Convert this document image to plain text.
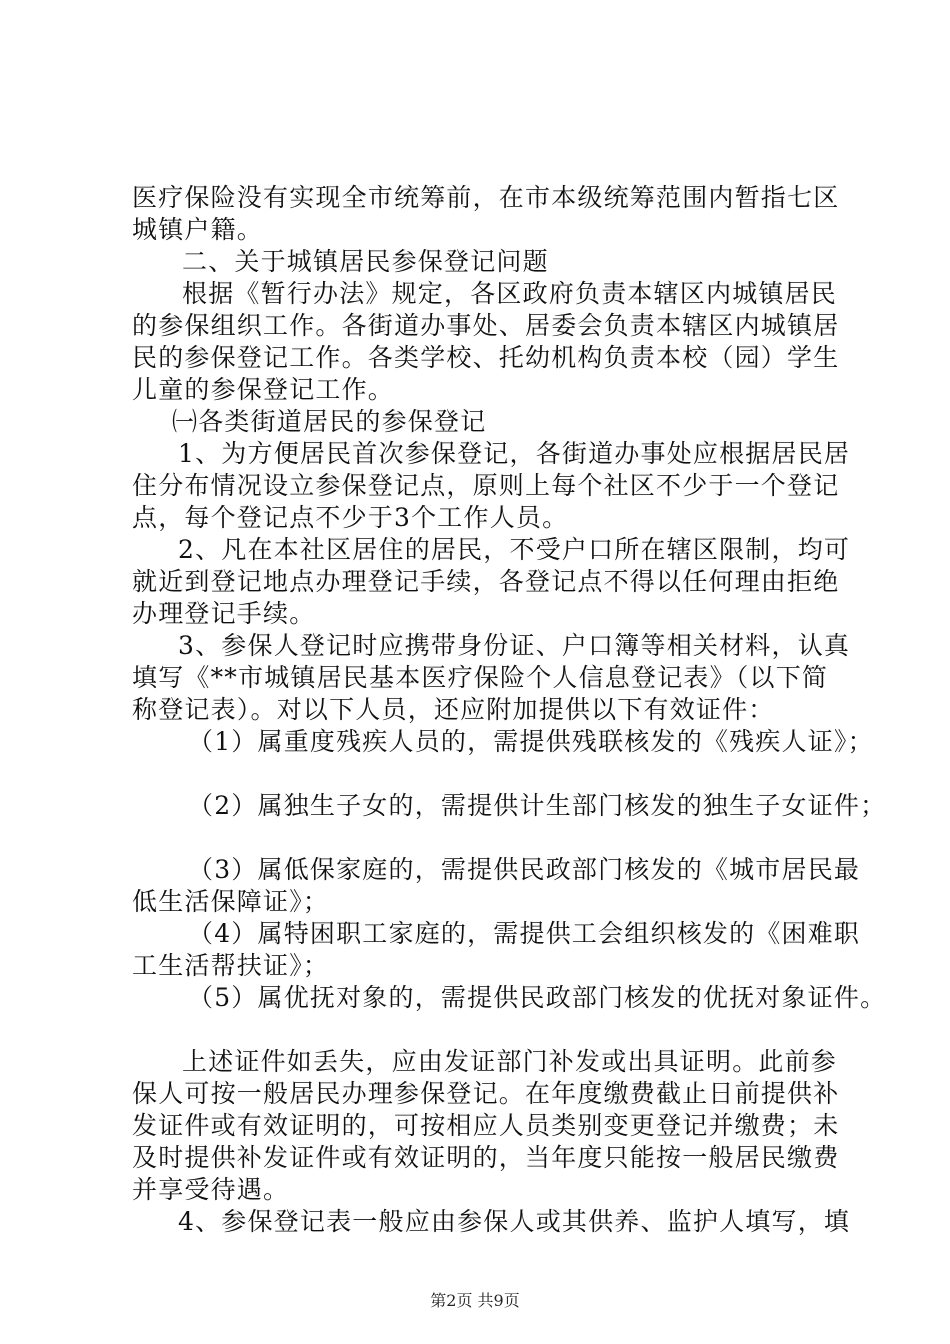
医疗保险没有实现全市统筹前，在市本级统筹范围内暂指七区
城镇户籍。
二、关于城镇居民参保登记问题
根据《暂行办法》规定，各区政府负责本辖区内城镇居民
的参保组织工作。各街道办事处、居委会负责本辖区内城镇居
民的参保登记工作。各类学校、托幼机构负责本校（园）学生
儿童的参保登记工作。
㈠各类街道居民的参保登记
1、为方便居民首次参保登记，各街道办事处应根据居民居
住分布情况设立参保登记点，原则上每个社区不少于一个登记
点，每个登记点不少于3个工作人员。
2、凡在本社区居住的居民，不受户口所在辖区限制，均可
就近到登记地点办理登记手续，各登记点不得以任何理由拒绝
办理登记手续。
3、参保人登记时应携带身份证、户口簿等相关材料，认真
填写《**市城镇居民基本医疗保险个人信息登记表》（以下简
称登记表）。对以下人员，还应附加提供以下有效证件：
（1）属重度残疾人员的，需提供残联核发的《残疾人证》；
（2）属独生子女的，需提供计生部门核发的独生子女证件；
（3）属低保家庭的，需提供民政部门核发的《城市居民最
低生活保障证》；
（4）属特困职工家庭的，需提供工会组织核发的《困难职
工生活帮扶证》；
（5）属优抚对象的，需提供民政部门核发的优抚对象证件。
上述证件如丢失，应由发证部门补发或出具证明。此前参
保人可按一般居民办理参保登记。在年度缴费截止日前提供补
发证件或有效证明的，可按相应人员类别变更登记并缴费；未
及时提供补发证件或有效证明的，当年度只能按一般居民缴费
并享受待遇。
4、参保登记表一般应由参保人或其供养、监护人填写，填
第2页 共9页
